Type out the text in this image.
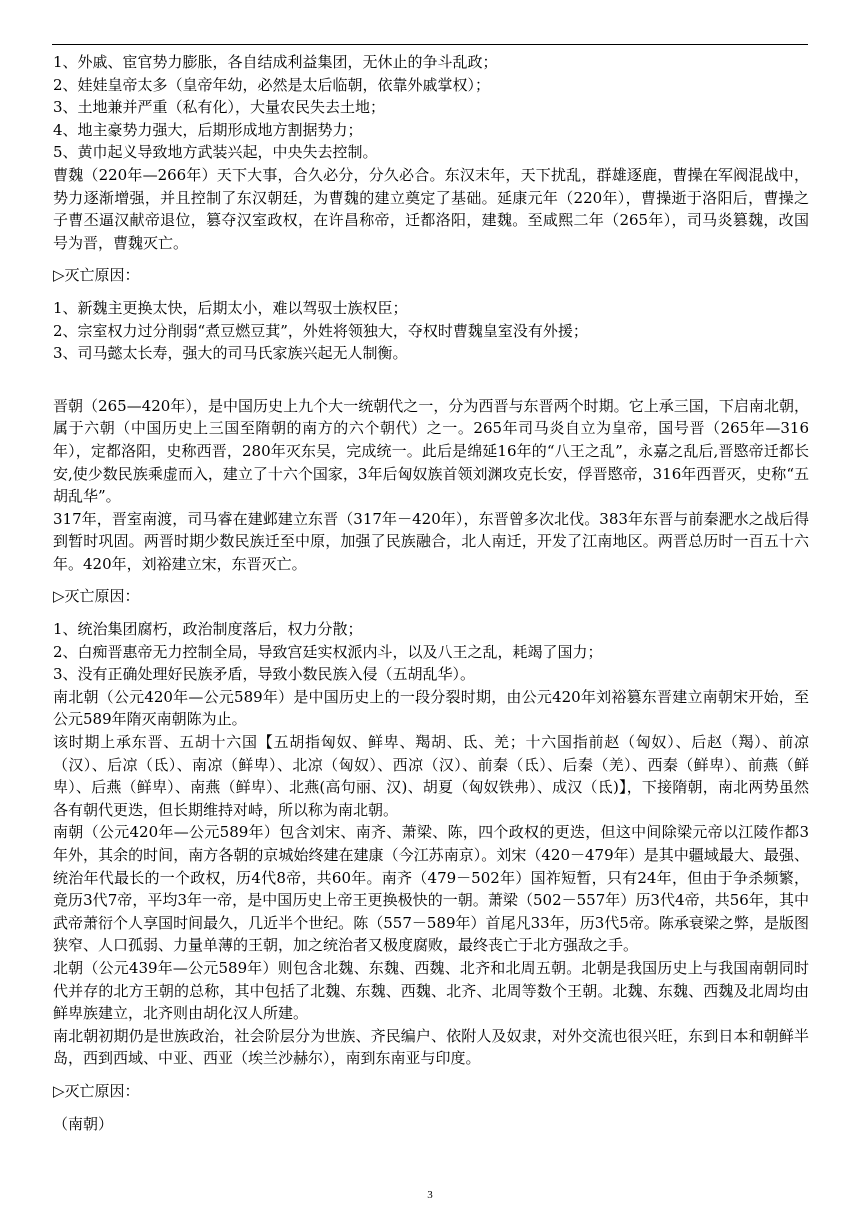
1、外戚、宦官势力膨胀，各自结成利益集团，无休止的争斗乱政；

2、娃娃皇帝太多（皇帝年幼，必然是太后临朝，依靠外戚掌权）；

3、土地兼并严重（私有化），大量农民失去土地；

4、地主豪势力强大，后期形成地方割据势力；

5、黄巾起义导致地方武装兴起，中央失去控制。

曹魏（220年—266年）天下大事，合久必分，分久必合。东汉末年，天下扰乱，群雄逐鹿，曹操在军阀混战中，势力逐渐增强，并且控制了东汉朝廷，为曹魏的建立奠定了基础。延康元年（220年），曹操逝于洛阳后，曹操之子曹丕逼汉献帝退位，篡夺汉室政权，在许昌称帝，迁都洛阳，建魏。至咸熙二年（265年），司马炎篡魏，改国号为晋，曹魏灭亡。

▷灭亡原因：

1、新魏主更换太快，后期太小，难以驾驭士族权臣；

2、宗室权力过分削弱“煮豆燃豆萁”，外姓将领独大，夺权时曹魏皇室没有外援；

3、司马懿太长寿，强大的司马氏家族兴起无人制衡。

晋朝（265—420年），是中国历史上九个大一统朝代之一，分为西晋与东晋两个时期。它上承三国，下启南北朝，属于六朝（中国历史上三国至隋朝的南方的六个朝代）之一。265年司马炎自立为皇帝，国号晋（265年—316年），定都洛阳，史称西晋，280年灭东吴，完成统一。此后是绵延16年的“八王之乱”，永嘉之乱后,晋愍帝迁都长安,使少数民族乘虚而入，建立了十六个国家，3年后匈奴族首领刘渊攻克长安，俘晋愍帝，316年西晋灭，史称“五胡乱华”。

317年，晋室南渡，司马睿在建邺建立东晋（317年－420年），东晋曾多次北伐。383年东晋与前秦淝水之战后得到暂时巩固。两晋时期少数民族迁至中原，加强了民族融合，北人南迁，开发了江南地区。两晋总历时一百五十六年。420年，刘裕建立宋，东晋灭亡。

▷灭亡原因：

1、统治集团腐朽，政治制度落后，权力分散；

2、白痴晋惠帝无力控制全局，导致宫廷实权派内斗，以及八王之乱，耗竭了国力；

3、没有正确处理好民族矛盾，导致小数民族入侵（五胡乱华）。

南北朝（公元420年—公元589年）是中国历史上的一段分裂时期，由公元420年刘裕篡东晋建立南朝宋开始，至公元589年隋灭南朝陈为止。

该时期上承东晋、五胡十六国【五胡指匈奴、鲜卑、羯胡、氐、羌；十六国指前赵（匈奴）、后赵（羯）、前凉（汉）、后凉（氐）、南凉（鲜卑）、北凉（匈奴）、西凉（汉）、前秦（氐）、后秦（羌）、西秦（鲜卑）、前燕（鲜卑）、后燕（鲜卑）、南燕（鲜卑）、北燕(高句丽、汉)、胡夏（匈奴铁弗）、成汉（氐)】，下接隋朝，南北两势虽然各有朝代更迭，但长期维持对峙，所以称为南北朝。

南朝（公元420年—公元589年）包含刘宋、南齐、萧梁、陈，四个政权的更迭，但这中间除梁元帝以江陵作都3年外，其余的时间，南方各朝的京城始终建在建康（今江苏南京）。刘宋（420－479年）是其中疆域最大、最强、统治年代最长的一个政权，历4代8帝，共60年。南齐（479－502年）国祚短暂，只有24年，但由于争杀频繁，竟历3代7帝，平均3年一帝，是中国历史上帝王更换极快的一朝。萧梁（502－557年）历3代4帝，共56年，其中武帝萧衍个人享国时间最久，几近半个世纪。陈（557－589年）首尾凡33年，历3代5帝。陈承衰梁之弊，是版图狭窄、人口孤弱、力量单薄的王朝，加之统治者又极度腐败，最终丧亡于北方强敌之手。

北朝（公元439年—公元589年）则包含北魏、东魏、西魏、北齐和北周五朝。北朝是我国历史上与我国南朝同时代并存的北方王朝的总称，其中包括了北魏、东魏、西魏、北齐、北周等数个王朝。北魏、东魏、西魏及北周均由鲜卑族建立，北齐则由胡化汉人所建。

南北朝初期仍是世族政治，社会阶层分为世族、齐民编户、依附人及奴隶，对外交流也很兴旺，东到日本和朝鲜半岛，西到西域、中亚、西亚（埃兰沙赫尔），南到东南亚与印度。

▷灭亡原因：

（南朝）

3
